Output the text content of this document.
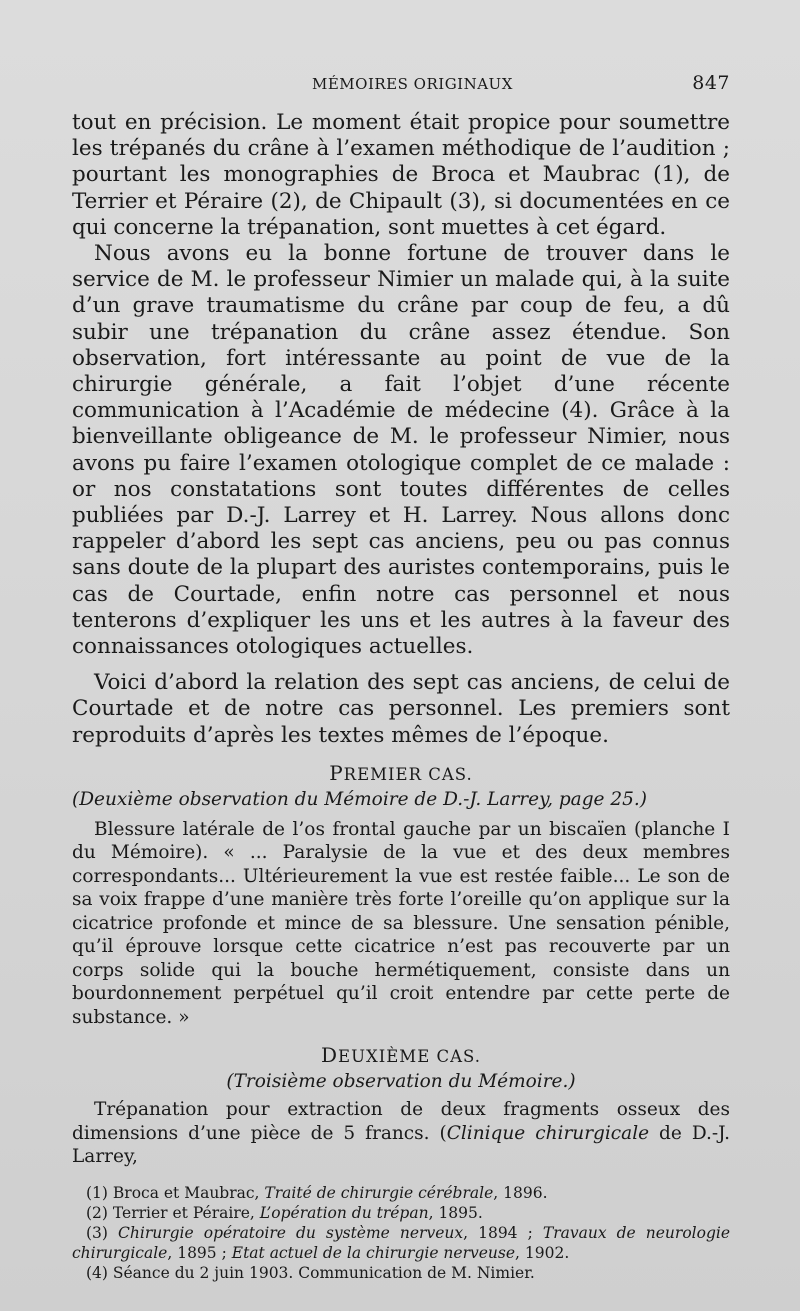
MÉMOIRES ORIGINAUX	847

tout en précision. Le moment était propice pour soumettre les trépanés du crâne à l’examen méthodique de l’audition ; pourtant les monographies de Broca et Maubrac (1), de Terrier et Péraire (2), de Chipault (3), si documentées en ce qui concerne la trépanation, sont muettes à cet égard.

Nous avons eu la bonne fortune de trouver dans le service de M. le professeur Nimier un malade qui, à la suite d’un grave traumatisme du crâne par coup de feu, a dû subir une trépanation du crâne assez étendue. Son observation, fort intéressante au point de vue de la chirurgie générale, a fait l’objet d’une récente communication à l’Académie de médecine (4). Grâce à la bienveillante obligeance de M. le professeur Nimier, nous avons pu faire l’examen otologique complet de ce malade : or nos constatations sont toutes différentes de celles publiées par D.-J. Larrey et H. Larrey. Nous allons donc rappeler d’abord les sept cas anciens, peu ou pas connus sans doute de la plupart des auristes contemporains, puis le cas de Courtade, enfin notre cas personnel et nous tenterons d’expliquer les uns et les autres à la faveur des connaissances otologiques actuelles.

Voici d’abord la relation des sept cas anciens, de celui de Courtade et de notre cas personnel. Les premiers sont reproduits d’après les textes mêmes de l’époque.

PREMIER CAS.
(Deuxième observation du Mémoire de D.-J. Larrey, page 25.)

Blessure latérale de l’os frontal gauche par un biscaïen (planche I du Mémoire). « ... Paralysie de la vue et des deux membres correspondants... Ultérieurement la vue est restée faible... Le son de sa voix frappe d’une manière très forte l’oreille qu’on applique sur la cicatrice profonde et mince de sa blessure. Une sensation pénible, qu’il éprouve lorsque cette cicatrice n’est pas recouverte par un corps solide qui la bouche hermétiquement, consiste dans un bourdonnement perpétuel qu’il croit entendre par cette perte de substance. »

DEUXIÈME CAS.
(Troisième observation du Mémoire.)

Trépanation pour extraction de deux fragments osseux des dimensions d’une pièce de 5 francs. (Clinique chirurgicale de D.-J. Larrey,

(1) Broca et Maubrac, Traité de chirurgie cérébrale, 1896.
(2) Terrier et Péraire, L’opération du trépan, 1895.
(3) Chirurgie opératoire du système nerveux, 1894 ; Travaux de neurologie chirurgicale, 1895 ; Etat actuel de la chirurgie nerveuse, 1902.
(4) Séance du 2 juin 1903. Communication de M. Nimier.
